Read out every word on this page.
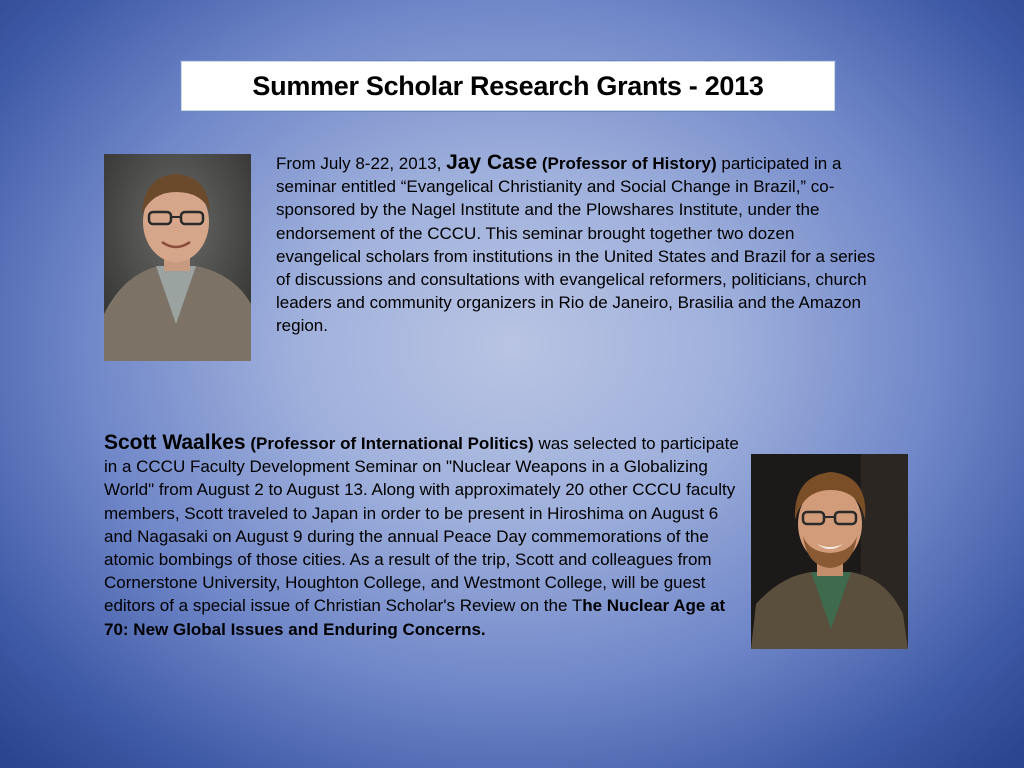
Summer Scholar Research Grants - 2013

From July 8-22, 2013, Jay Case (Professor of History) participated in a seminar entitled “Evangelical Christianity and Social Change in Brazil,” co-sponsored by the Nagel Institute and the Plowshares Institute, under the endorsement of the CCCU. This seminar brought together two dozen evangelical scholars from institutions in the United States and Brazil for a series of discussions and consultations with evangelical reformers, politicians, church leaders and community organizers in Rio de Janeiro, Brasilia and the Amazon region.

Scott Waalkes (Professor of International Politics) was selected to participate in a CCCU Faculty Development Seminar on "Nuclear Weapons in a Globalizing World" from August 2 to August 13. Along with approximately 20 other CCCU faculty members, Scott traveled to Japan in order to be present in Hiroshima on August 6 and Nagasaki on August 9 during the annual Peace Day commemorations of the atomic bombings of those cities. As a result of the trip, Scott and colleagues from Cornerstone University, Houghton College, and Westmont College, will be guest editors of a special issue of Christian Scholar's Review on the The Nuclear Age at 70: New Global Issues and Enduring Concerns.
